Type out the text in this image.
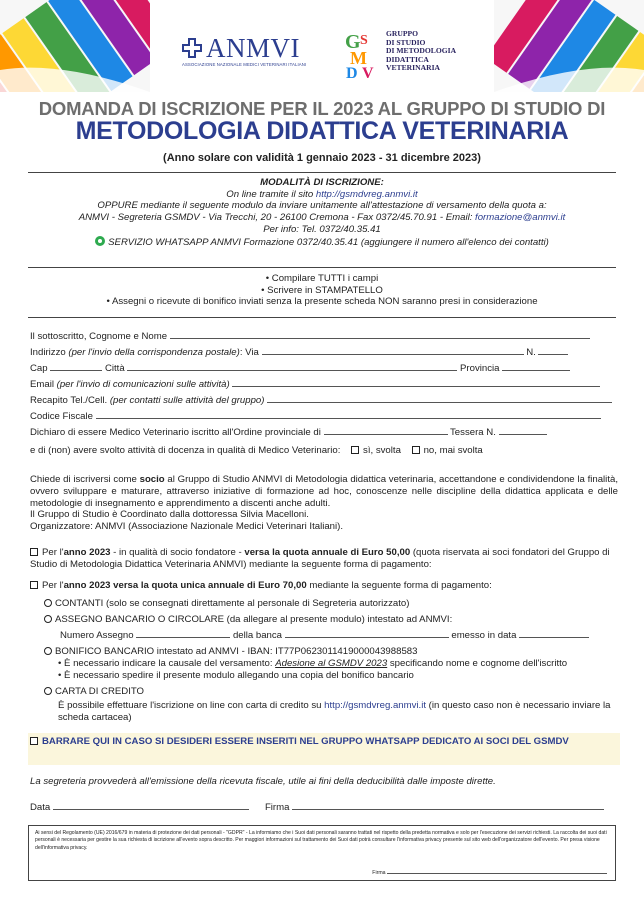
ANMVI
ASSOCIAZIONE NAZIONALE MEDICI VETERINARI ITALIANI
G S
M
D V
GRUPPO
DI STUDIO
DI METODOLOGIA
DIDATTICA
VETERINARIA
DOMANDA DI ISCRIZIONE PER IL 2023 AL GRUPPO DI STUDIO DI
METODOLOGIA DIDATTICA VETERINARIA
(Anno solare con validità 1 gennaio 2023 - 31 dicembre 2023)
MODALITÀ DI ISCRIZIONE:
On line tramite il sito http://gsmdvreg.anmvi.it
OPPURE mediante il seguente modulo da inviare unitamente all'attestazione di versamento della quota a:
ANMVI - Segreteria GSMDV - Via Trecchi, 20 - 26100 Cremona - Fax 0372/45.70.91 - Email: formazione@anmvi.it
Per info: Tel. 0372/40.35.41
SERVIZIO WHATSAPP ANMVI Formazione 0372/40.35.41 (aggiungere il numero all'elenco dei contatti)
• Compilare TUTTI i campi
• Scrivere in STAMPATELLO
• Assegni o ricevute di bonifico inviati senza la presente scheda NON saranno presi in considerazione
Il sottoscritto, Cognome e Nome
Indirizzo (per l'invio della corrispondenza postale): Via	N.
Cap	Città	Provincia
Email (per l'invio di comunicazioni sulle attività)
Recapito Tel./Cell. (per contatti sulle attività del gruppo)
Codice Fiscale
Dichiaro di essere Medico Veterinario iscritto all'Ordine provinciale di	Tessera N.
e di (non) avere svolto attività di docenza in qualità di Medico Veterinario: sì, svolta no, mai svolta
Chiede di iscriversi come socio al Gruppo di Studio ANMVI di Metodologia didattica veterinaria, accettandone e condividendone la finalità, ovvero sviluppare e maturare, attraverso iniziative di formazione ad hoc, conoscenze nelle discipline della didattica applicata e delle metodologie di insegnamento e apprendimento a discenti anche adulti.
Il Gruppo di Studio è Coordinato dalla dottoressa Silvia Macelloni.
Organizzatore: ANMVI (Associazione Nazionale Medici Veterinari Italiani).
Per l'anno 2023 - in qualità di socio fondatore - versa la quota annuale di Euro 50,00 (quota riservata ai soci fondatori del Gruppo di Studio di Metodologia Didattica Veterinaria ANMVI) mediante la seguente forma di pagamento:
Per l'anno 2023 versa la quota unica annuale di Euro 70,00 mediante la seguente forma di pagamento:
CONTANTI (solo se consegnati direttamente al personale di Segreteria autorizzato)
ASSEGNO BANCARIO O CIRCOLARE (da allegare al presente modulo) intestato ad ANMVI:
Numero Assegno	della banca	emesso in data
BONIFICO BANCARIO intestato ad ANMVI - IBAN: IT77P0623011419000043988583
• È necessario indicare la causale del versamento: Adesione al GSMDV 2023 specificando nome e cognome dell'iscritto
• È necessario spedire il presente modulo allegando una copia del bonifico bancario
CARTA DI CREDITO
È possibile effettuare l'iscrizione on line con carta di credito su http://gsmdvreg.anmvi.it (in questo caso non è necessario inviare la scheda cartacea)
BARRARE QUI IN CASO SI DESIDERI ESSERE INSERITI NEL GRUPPO WHATSAPP DEDICATO AI SOCI DEL GSMDV
La segreteria provvederà all'emissione della ricevuta fiscale, utile ai fini della deducibilità dalle imposte dirette.
Data	Firma
Ai sensi del Regolamento (UE) 2016/679 in materia di protezione dei dati personali - "GDPR" - La informiamo che i Suoi dati personali saranno trattati nel rispetto della predetta normativa e solo per l'esecuzione dei servizi richiesti. La raccolta dei suoi dati personali è necessaria per gestire la sua richiesta di iscrizione all'evento sopra descritto. Per maggiori informazioni sul trattamento dei Suoi dati potrà consultare l'informativa privacy presente sul sito web dell'organizzatore dell'evento. Per presa visione dell'informativa privacy.
Firma
